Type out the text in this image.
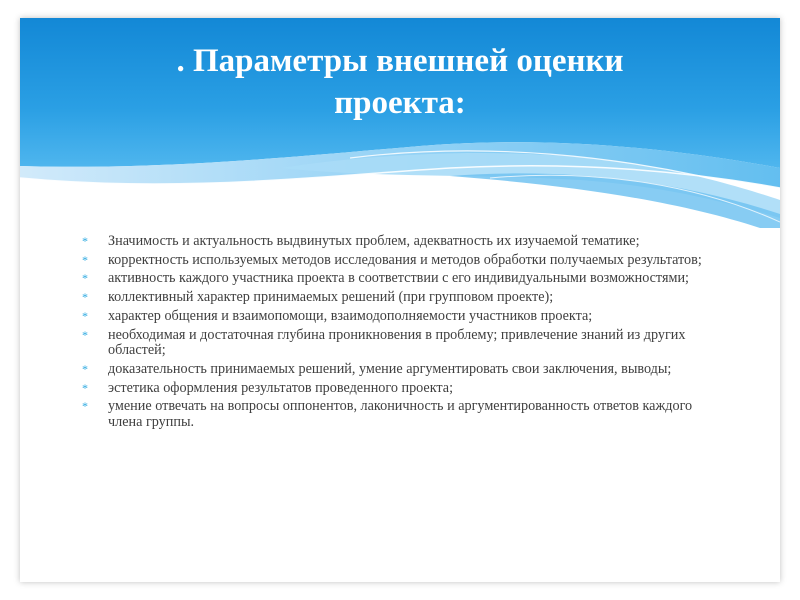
. Параметры внешней оценки
проекта:
* Значимость и актуальность выдвинутых проблем, адекватность их изучаемой тематике;
* корректность используемых методов исследования и методов обработки получаемых результатов;
* активность каждого участника проекта в соответствии с его индивидуальными возможностями;
* коллективный характер принимаемых решений (при групповом проекте);
* характер общения и взаимопомощи, взаимодополняемости участников проекта;
* необходимая и достаточная глубина проникновения в проблему; привлечение знаний из других областей;
* доказательность принимаемых решений, умение аргументировать свои заключения, выводы;
* эстетика оформления результатов проведенного проекта;
* умение отвечать на вопросы оппонентов, лаконичность и аргументированность ответов каждого члена группы.
